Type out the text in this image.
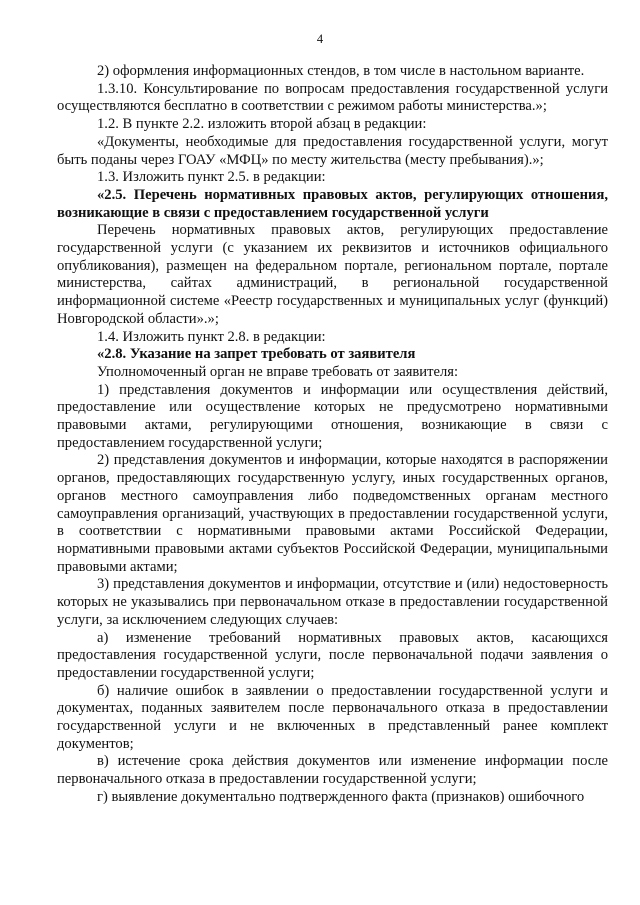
4

2) оформления информационных стендов, в том числе в настольном варианте.

1.3.10. Консультирование по вопросам предоставления государственной услуги осуществляются бесплатно в соответствии с режимом работы министерства.»;

1.2. В пункте 2.2. изложить второй абзац в редакции:

«Документы, необходимые для предоставления государственной услуги, могут быть поданы через ГОАУ «МФЦ» по месту жительства (месту пребывания).»;

1.3. Изложить пункт 2.5. в редакции:

«2.5. Перечень нормативных правовых актов, регулирующих отношения, возникающие в связи с предоставлением государственной услуги

Перечень нормативных правовых актов, регулирующих предоставление государственной услуги (с указанием их реквизитов и источников официального опубликования), размещен на федеральном портале, региональном портале, портале министерства, сайтах администраций, в региональной государственной информационной системе «Реестр государственных и муниципальных услуг (функций) Новгородской области».»;

1.4. Изложить пункт 2.8. в редакции:

«2.8. Указание на запрет требовать от заявителя

Уполномоченный орган не вправе требовать от заявителя:

1) представления документов и информации или осуществления действий, предоставление или осуществление которых не предусмотрено нормативными правовыми актами, регулирующими отношения, возникающие в связи с предоставлением государственной услуги;

2) представления документов и информации, которые находятся в распоряжении органов, предоставляющих государственную услугу, иных государственных органов, органов местного самоуправления либо подведомственных органам местного самоуправления организаций, участвующих в предоставлении государственной услуги, в соответствии с нормативными правовыми актами Российской Федерации, нормативными правовыми актами субъектов Российской Федерации, муниципальными правовыми актами;

3) представления документов и информации, отсутствие и (или) недостоверность которых не указывались при первоначальном отказе в предоставлении государственной услуги, за исключением следующих случаев:

а) изменение требований нормативных правовых актов, касающихся предоставления государственной услуги, после первоначальной подачи заявления о предоставлении государственной услуги;

б) наличие ошибок в заявлении о предоставлении государственной услуги и документах, поданных заявителем после первоначального отказа в предоставлении государственной услуги и не включенных в представленный ранее комплект документов;

в) истечение срока действия документов или изменение информации после первоначального отказа в предоставлении государственной услуги;

г) выявление документально подтвержденного факта (признаков) ошибочного
